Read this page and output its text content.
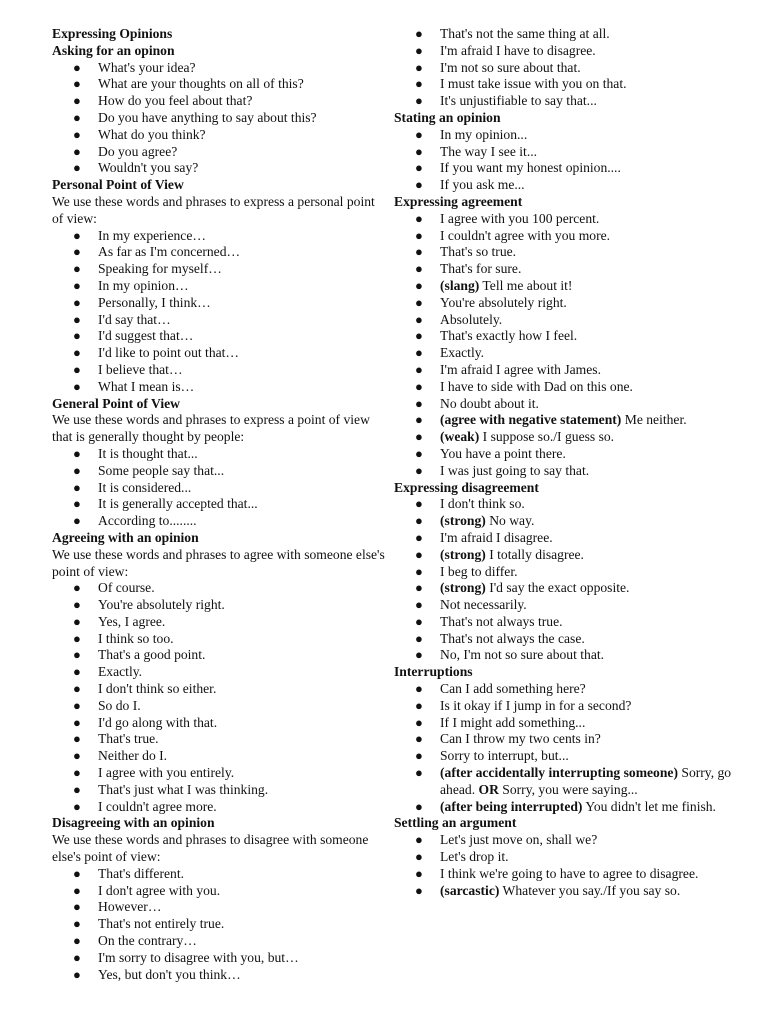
Expressing Opinions
Asking for an opinon
● What's your idea?
● What are your thoughts on all of this?
● How do you feel about that?
● Do you have anything to say about this?
● What do you think?
● Do you agree?
● Wouldn't you say?
Personal Point of View
We use these words and phrases to express a personal point of view:
● In my experience…
● As far as I'm concerned…
● Speaking for myself…
● In my opinion…
● Personally, I think…
● I'd say that…
● I'd suggest that…
● I'd like to point out that…
● I believe that…
● What I mean is…
General Point of View
We use these words and phrases to express a point of view that is generally thought by people:
● It is thought that...
● Some people say that...
● It is considered...
● It is generally accepted that...
● According to........
Agreeing with an opinion
We use these words and phrases to agree with someone else's point of view:
● Of course.
● You're absolutely right.
● Yes, I agree.
● I think so too.
● That's a good point.
● Exactly.
● I don't think so either.
● So do I.
● I'd go along with that.
● That's true.
● Neither do I.
● I agree with you entirely.
● That's just what I was thinking.
● I couldn't agree more.
Disagreeing with an opinion
We use these words and phrases to disagree with someone else's point of view:
● That's different.
● I don't agree with you.
● However…
● That's not entirely true.
● On the contrary…
● I'm sorry to disagree with you, but…
● Yes, but don't you think…
● That's not the same thing at all.
● I'm afraid I have to disagree.
● I'm not so sure about that.
● I must take issue with you on that.
● It's unjustifiable to say that...
Stating an opinion
● In my opinion...
● The way I see it...
● If you want my honest opinion....
● If you ask me...
Expressing agreement
● I agree with you 100 percent.
● I couldn't agree with you more.
● That's so true.
● That's for sure.
● (slang) Tell me about it!
● You're absolutely right.
● Absolutely.
● That's exactly how I feel.
● Exactly.
● I'm afraid I agree with James.
● I have to side with Dad on this one.
● No doubt about it.
● (agree with negative statement) Me neither.
● (weak) I suppose so./I guess so.
● You have a point there.
● I was just going to say that.
Expressing disagreement
● I don't think so.
● (strong) No way.
● I'm afraid I disagree.
● (strong) I totally disagree.
● I beg to differ.
● (strong) I'd say the exact opposite.
● Not necessarily.
● That's not always true.
● That's not always the case.
● No, I'm not so sure about that.
Interruptions
● Can I add something here?
● Is it okay if I jump in for a second?
● If I might add something...
● Can I throw my two cents in?
● Sorry to interrupt, but...
● (after accidentally interrupting someone) Sorry, go ahead. OR Sorry, you were saying...
● (after being interrupted) You didn't let me finish.
Settling an argument
● Let's just move on, shall we?
● Let's drop it.
● I think we're going to have to agree to disagree.
● (sarcastic) Whatever you say./If you say so.
